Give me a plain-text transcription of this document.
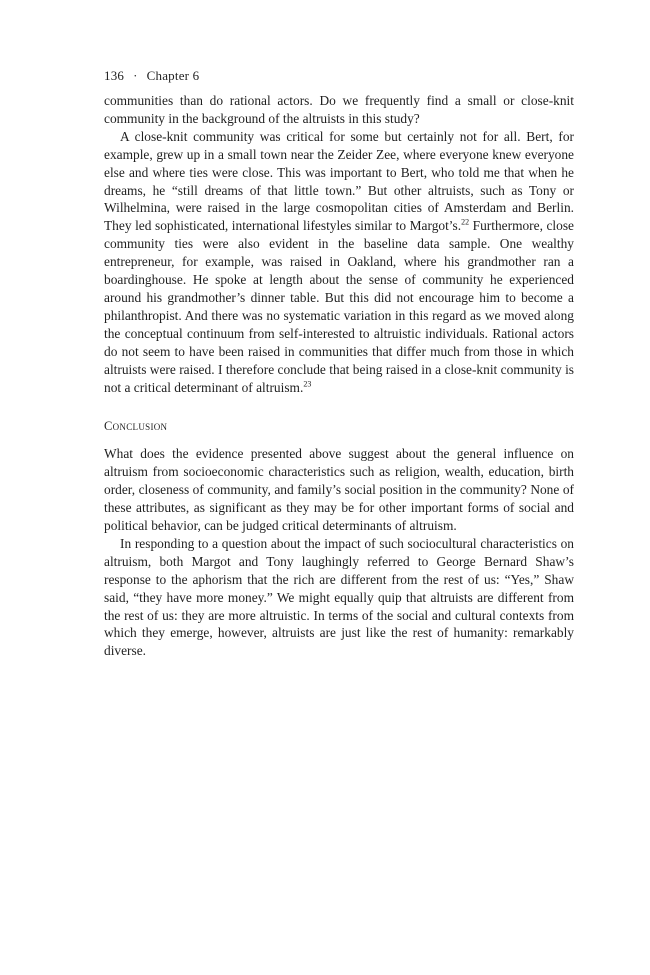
136 · Chapter 6

communities than do rational actors. Do we frequently find a small or close-knit community in the background of the altruists in this study?

A close-knit community was critical for some but certainly not for all. Bert, for example, grew up in a small town near the Zeider Zee, where everyone knew everyone else and where ties were close. This was important to Bert, who told me that when he dreams, he “still dreams of that little town.” But other altruists, such as Tony or Wilhelmina, were raised in the large cosmopolitan cities of Amsterdam and Berlin. They led sophisticated, international lifestyles similar to Margot’s.$^{22}$ Furthermore, close community ties were also evident in the baseline data sample. One wealthy entrepreneur, for example, was raised in Oakland, where his grandmother ran a boardinghouse. He spoke at length about the sense of community he experienced around his grandmother’s dinner table. But this did not encourage him to become a philanthropist. And there was no systematic variation in this regard as we moved along the conceptual continuum from self-interested to altruistic individuals. Rational actors do not seem to have been raised in communities that differ much from those in which altruists were raised. I therefore conclude that being raised in a close-knit community is not a critical determinant of altruism.$^{23}$

Conclusion

What does the evidence presented above suggest about the general influence on altruism from socioeconomic characteristics such as religion, wealth, education, birth order, closeness of community, and family’s social position in the community? None of these attributes, as significant as they may be for other important forms of social and political behavior, can be judged critical determinants of altruism.

In responding to a question about the impact of such sociocultural characteristics on altruism, both Margot and Tony laughingly referred to George Bernard Shaw’s response to the aphorism that the rich are different from the rest of us: “Yes,” Shaw said, “they have more money.” We might equally quip that altruists are different from the rest of us: they are more altruistic. In terms of the social and cultural contexts from which they emerge, however, altruists are just like the rest of humanity: remarkably diverse.
